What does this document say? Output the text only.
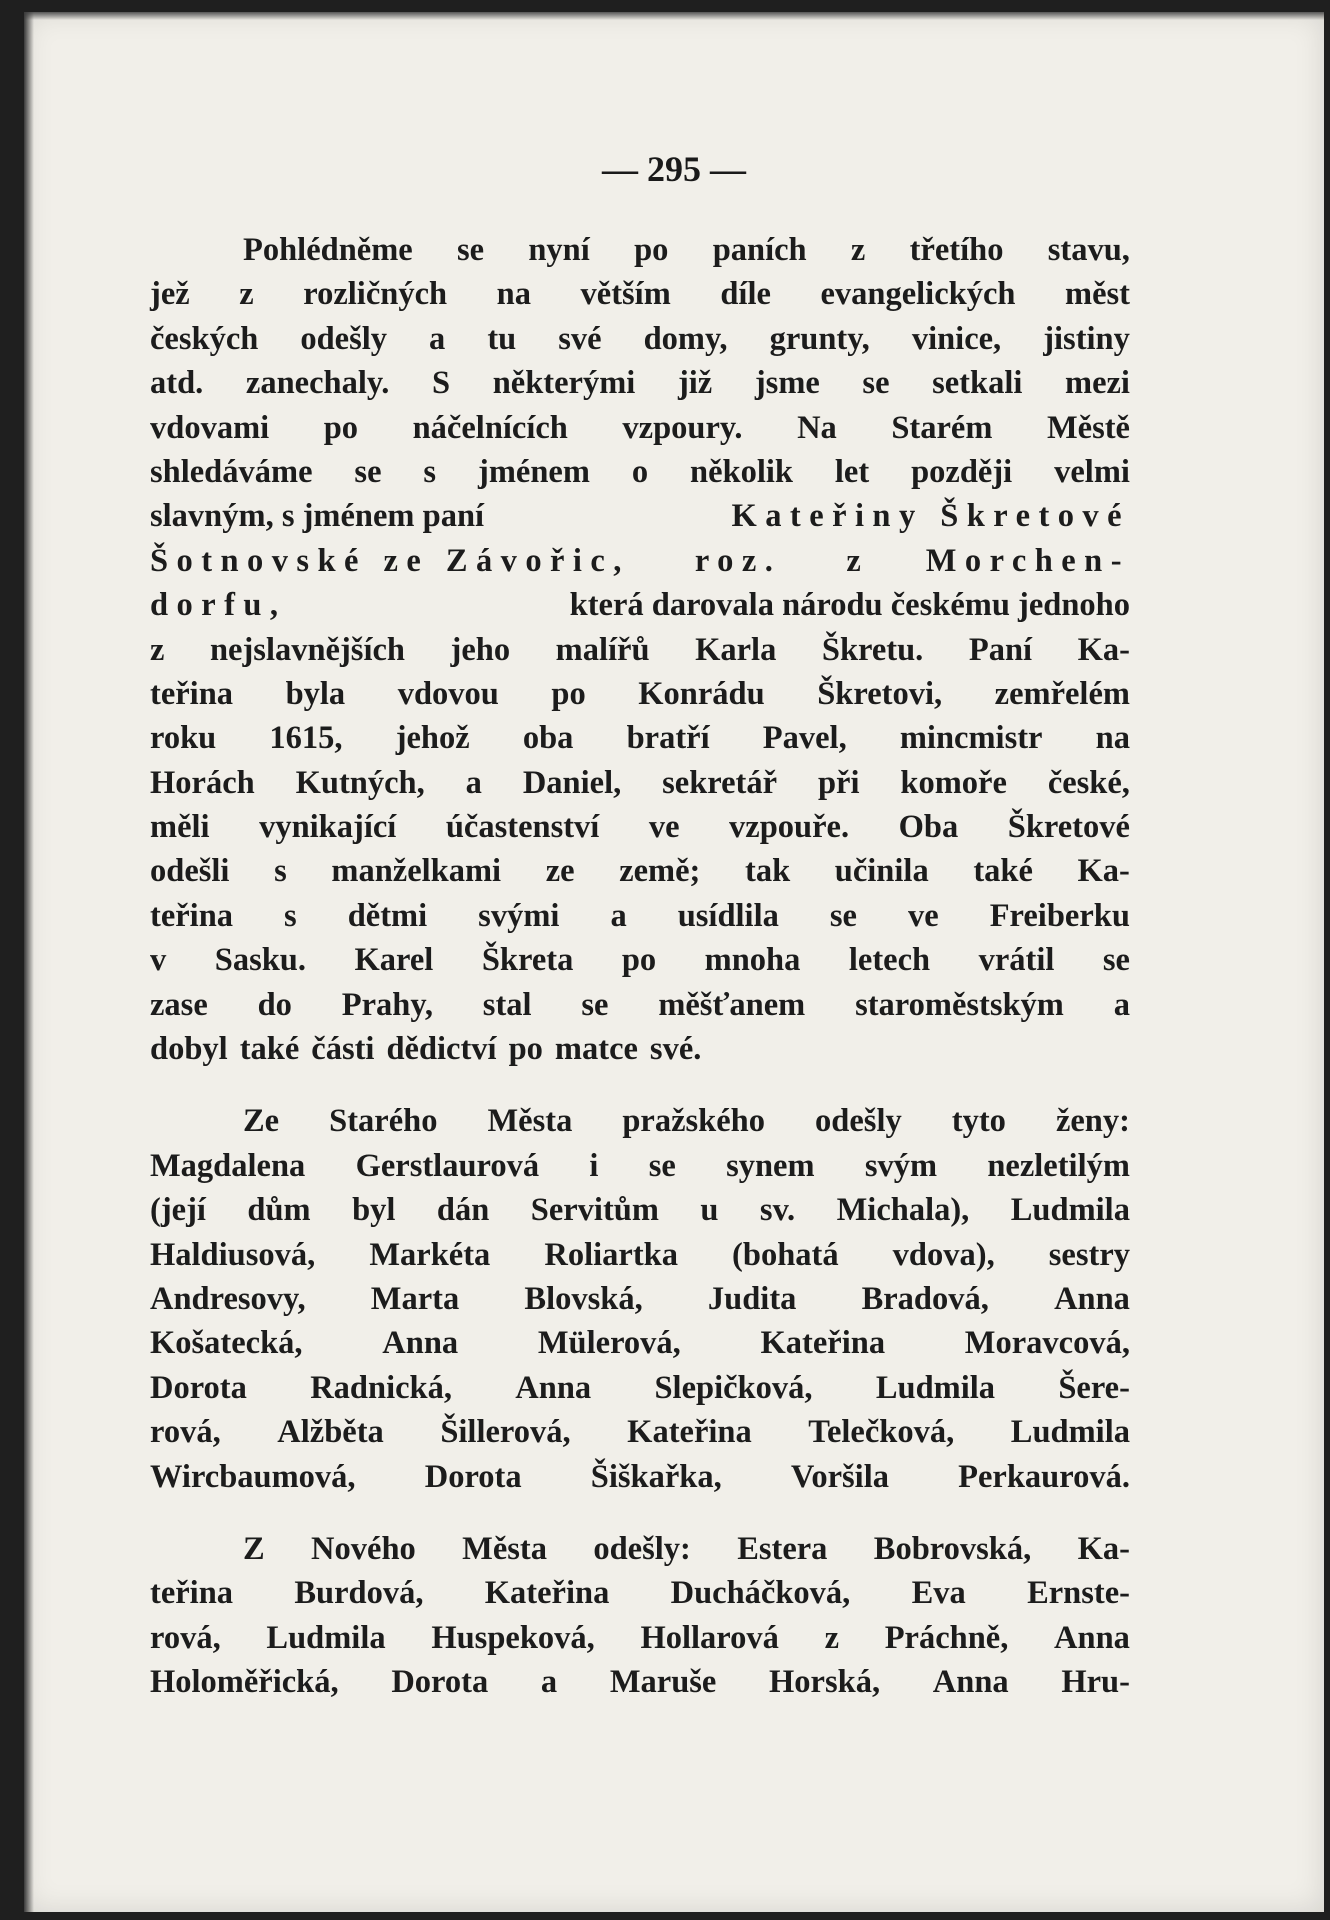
— 295 —
Pohlédněme se nyní po paních z třetího stavu,
jež z rozličných na větším díle evangelických měst
českých odešly a tu své domy, grunty, vinice, jistiny
atd. zanechaly. S některými již jsme se setkali mezi
vdovami po náčelnících vzpoury. Na Starém Městě
shledáváme se s jménem o několik let později velmi
slavným, s jménem paní	Kateřiny Škretové
Šotnovské ze Závořic, roz. z Morchen-
dorfu,	která darovala národu českému jednoho
z nejslavnějších jeho malířů Karla Škretu. Paní Ka-
teřina byla vdovou po Konrádu Škretovi, zemřelém
roku 1615, jehož oba bratří Pavel, mincmistr na
Horách Kutných, a Daniel, sekretář při komoře české,
měli vynikající účastenství ve vzpouře. Oba Škretové
odešli s manželkami ze země; tak učinila také Ka-
teřina s dětmi svými a usídlila se ve Freiberku
v Sasku. Karel Škreta po mnoha letech vrátil se
zase do Prahy, stal se měšťanem staroměstským a
dobyl také části dědictví po matce své.
Ze Starého Města pražského odešly tyto ženy:
Magdalena Gerstlaurová i se synem svým nezletilým
(její dům byl dán Servitům u sv. Michala), Ludmila
Haldiusová, Markéta Roliartka (bohatá vdova), sestry
Andresovy, Marta Blovská, Judita Bradová, Anna
Košatecká, Anna Mülerová, Kateřina Moravcová,
Dorota Radnická, Anna Slepičková, Ludmila Šere-
rová, Alžběta Šillerová, Kateřina Telečková, Ludmila
Wircbaumová, Dorota Šiškařka, Voršila Perkaurová.
Z Nového Města odešly: Estera Bobrovská, Ka-
teřina Burdová, Kateřina Ducháčková, Eva Ernste-
rová, Ludmila Huspeková, Hollarová z Práchně, Anna
Holoměřická, Dorota a Maruše Horská, Anna Hru-
